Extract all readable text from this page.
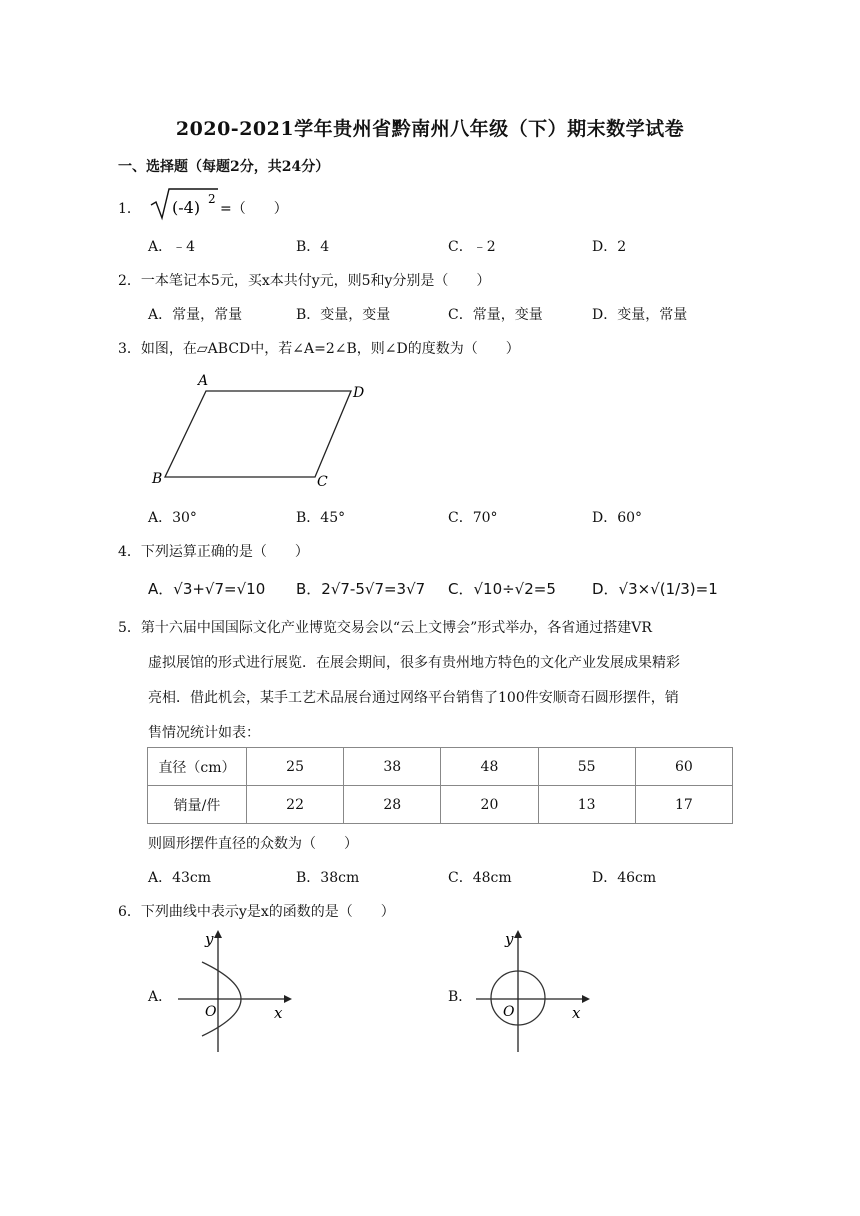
2020-2021学年贵州省黔南州八年级（下）期末数学试卷
一、选择题（每题2分，共24分）
1． (-4) 2
=（　　）
A．﹣4	B．4	C．﹣2	D．2
2．一本笔记本5元，买x本共付y元，则5和y分别是（　　）
A．常量，常量	B．变量，变量	C．常量，变量	D．变量，常量
3．如图，在▱ABCD中，若∠A=2∠B，则∠D的度数为（　　）
A
D
B	C
A．30°	B．45°	C．70°	D．60°
4．下列运算正确的是（　　）
A．√3+√7=√10 B．2√7-5√7=3√7 C．√10÷√2=5 D．√3×√(1/3)=1
5．第十六届中国国际文化产业博览交易会以“云上文博会”形式举办，各省通过搭建VR
虚拟展馆的形式进行展览．在展会期间，很多有贵州地方特色的文化产业发展成果精彩
亮相．借此机会，某手工艺术品展台通过网络平台销售了100件安顺奇石圆形摆件，销
售情况统计如表：
直径（cm）	25	38	48	55	60
销量/件	22	28	20	13	17
则圆形摆件直径的众数为（　　）
A．43cm	B．38cm	C．48cm	D．46cm
6．下列曲线中表示y是x的函数的是（　　）
A．
y
x
O
B．
y
x
O
